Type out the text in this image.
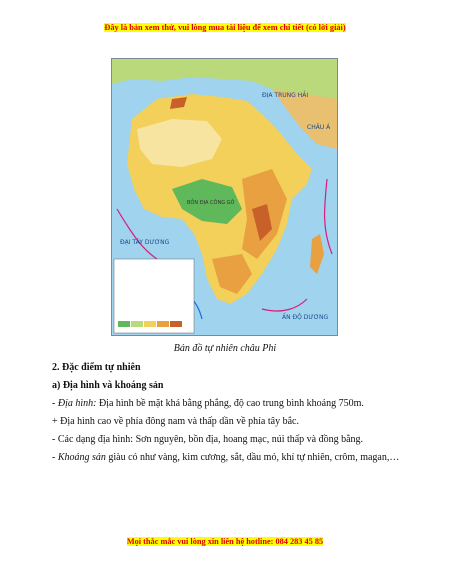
Đây là bản xem thử, vui lòng mua tài liệu để xem chi tiết (có lời giải)
ĐỊA TRUNG HẢI
CHÂU Á
ĐẠI TÂY DƯƠNG
ẤN ĐỘ DƯƠNG
BỒN ĐỊA CÔNG GÔ
Bản đồ tự nhiên châu Phi
2. Đặc điểm tự nhiên
a) Địa hình và khoáng sản
- Địa hình: Địa hình bề mặt khá bằng phẳng, độ cao trung bình khoảng 750m.
+ Địa hình cao về phía đông nam và thấp dần về phía tây bắc.
- Các dạng địa hình: Sơn nguyên, bồn địa, hoang mạc, núi thấp và đồng bằng.
- Khoáng sản giàu có như vàng, kim cương, sắt, dầu mỏ, khí tự nhiên, crôm, magan,…
Mọi thắc mắc vui lòng xin liên hệ hotline: 084 283 45 85
